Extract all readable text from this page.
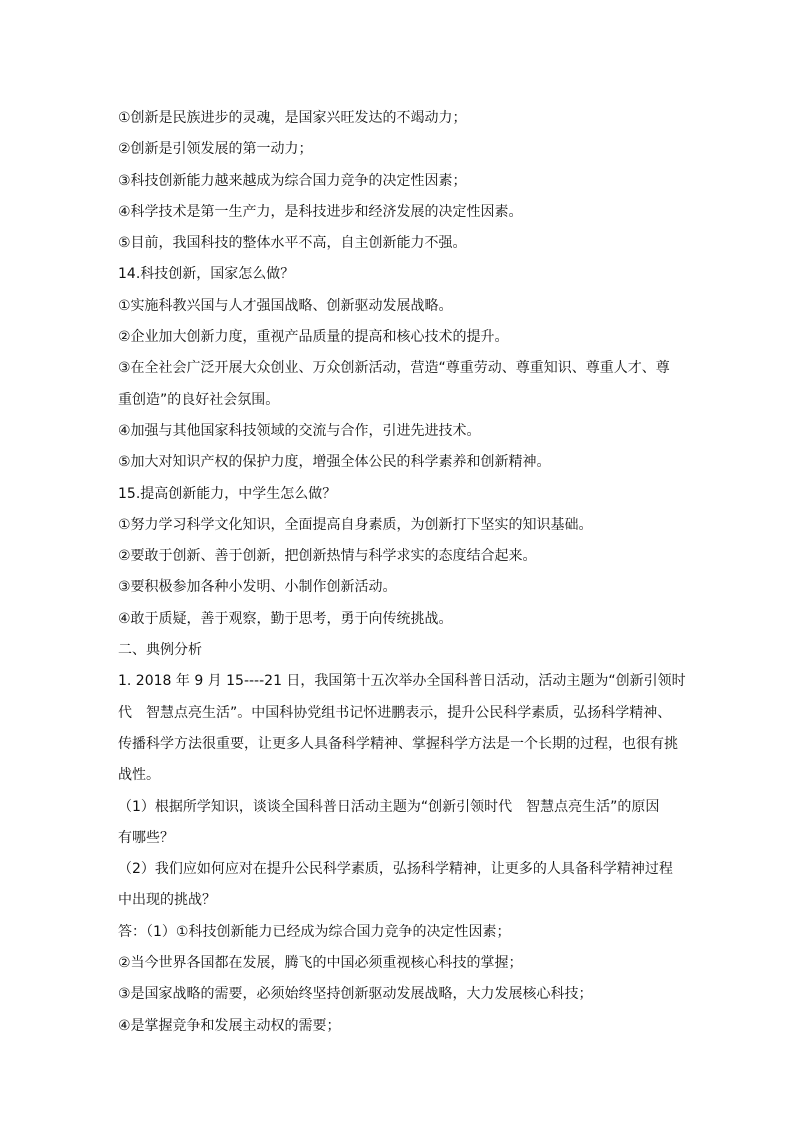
①创新是民族进步的灵魂，是国家兴旺发达的不竭动力；

②创新是引领发展的第一动力；

③科技创新能力越来越成为综合国力竞争的决定性因素；

④科学技术是第一生产力，是科技进步和经济发展的决定性因素。

⑤目前，我国科技的整体水平不高，自主创新能力不强。

14.科技创新，国家怎么做？

①实施科教兴国与人才强国战略、创新驱动发展战略。

②企业加大创新力度，重视产品质量的提高和核心技术的提升。

③在全社会广泛开展大众创业、万众创新活动，营造“尊重劳动、尊重知识、尊重人才、尊

重创造”的良好社会氛围。

④加强与其他国家科技领域的交流与合作，引进先进技术。

⑤加大对知识产权的保护力度，增强全体公民的科学素养和创新精神。

15.提高创新能力，中学生怎么做？

①努力学习科学文化知识，全面提高自身素质，为创新打下坚实的知识基础。

②要敢于创新、善于创新，把创新热情与科学求实的态度结合起来。

③要积极参加各种小发明、小制作创新活动。

④敢于质疑，善于观察，勤于思考，勇于向传统挑战。

二、典例分析

1. 2018 年 9 月 15----21 日，我国第十五次举办全国科普日活动，活动主题为“创新引领时

代　智慧点亮生活”。中国科协党组书记怀进鹏表示，提升公民科学素质，弘扬科学精神、

传播科学方法很重要，让更多人具备科学精神、掌握科学方法是一个长期的过程，也很有挑

战性。

（1）根据所学知识，谈谈全国科普日活动主题为“创新引领时代　智慧点亮生活”的原因

有哪些？

（2）我们应如何应对在提升公民科学素质，弘扬科学精神，让更多的人具备科学精神过程

中出现的挑战？

答：（1）①科技创新能力已经成为综合国力竞争的决定性因素；

②当今世界各国都在发展，腾飞的中国必须重视核心科技的掌握；

③是国家战略的需要，必须始终坚持创新驱动发展战略，大力发展核心科技；

④是掌握竞争和发展主动权的需要；
